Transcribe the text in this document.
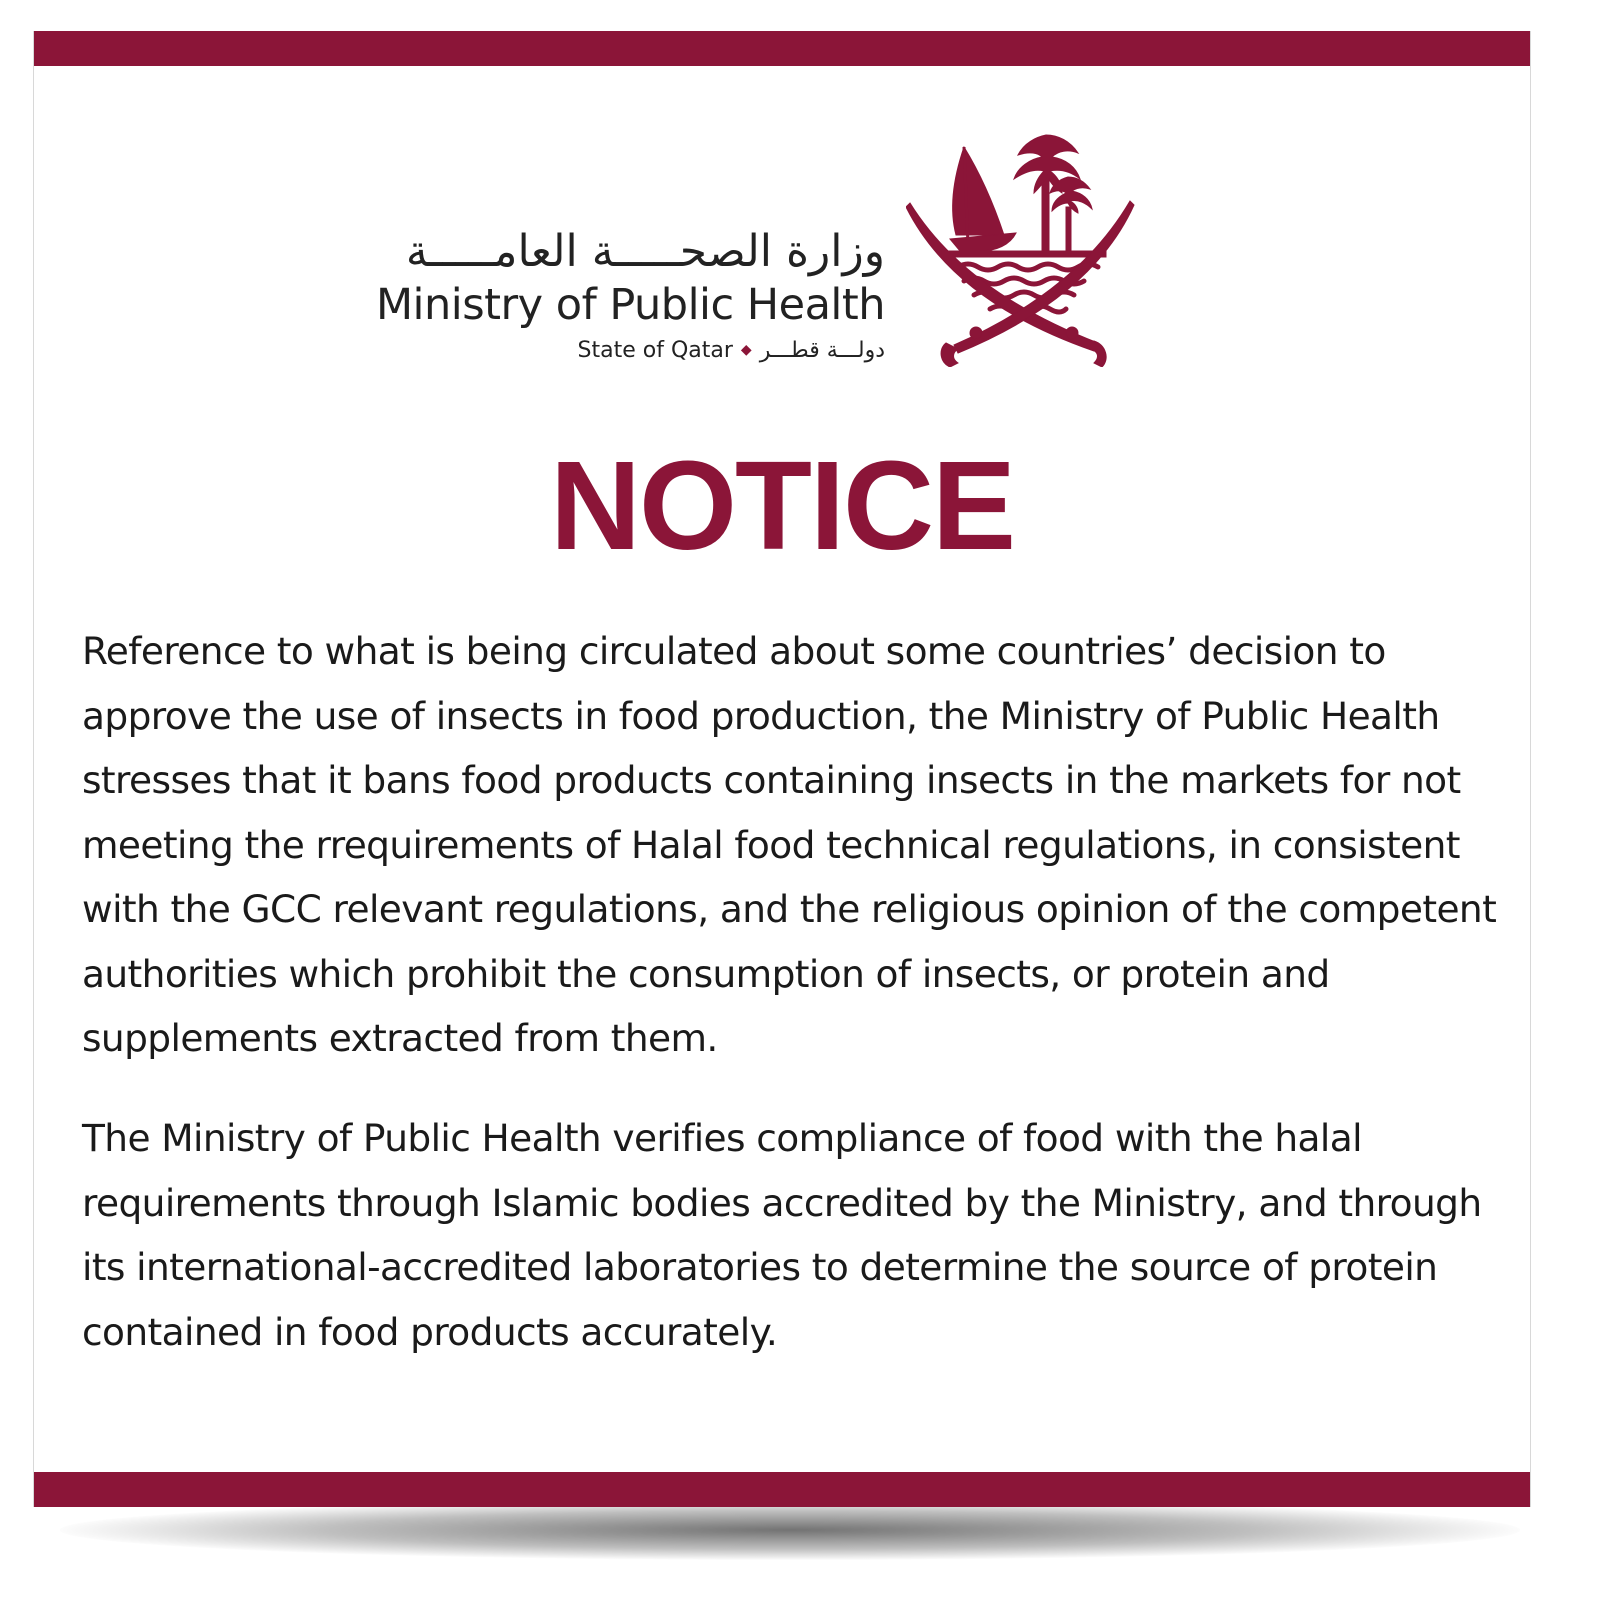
وزارة الصحـــــة العامـــــة
Ministry of Public Health
State of Qatar ◆ دولـــة قطـــر
NOTICE

Reference to what is being circulated about some countries’ decision to approve the use of insects in food production, the Ministry of Public Health stresses that it bans food products containing insects in the markets for not meeting the rrequirements of Halal food technical regulations, in consistent with the GCC relevant regulations, and the religious opinion of the competent authorities which prohibit the consumption of insects, or protein and supplements extracted from them.

The Ministry of Public Health verifies compliance of food with the halal requirements through Islamic bodies accredited by the Ministry, and through its international-accredited laboratories to determine the source of protein contained in food products accurately.
